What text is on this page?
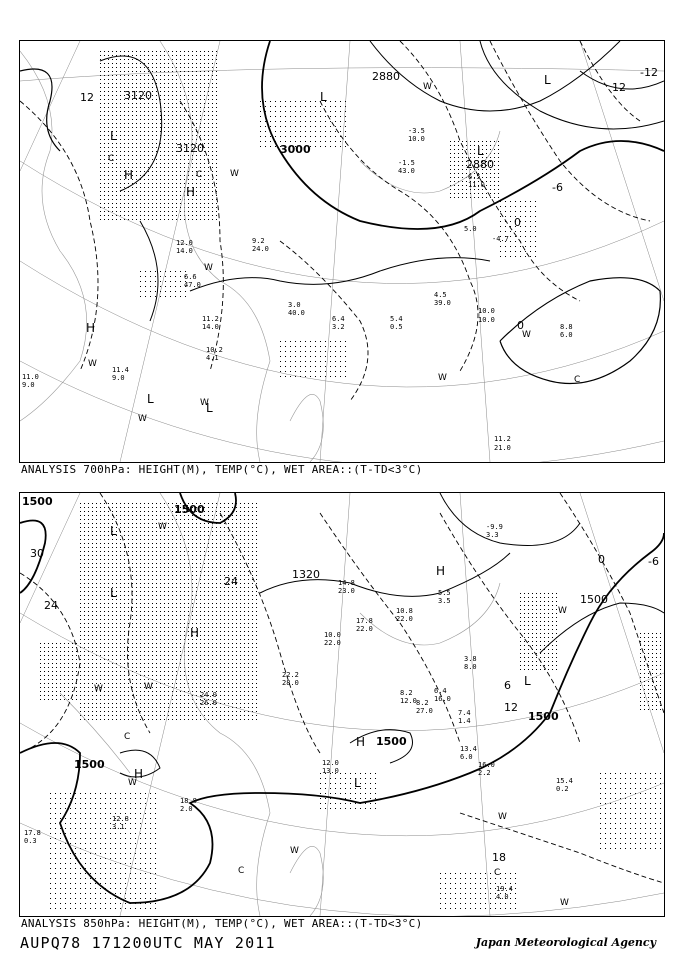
3120
3120	3000
2880
2880
12
-12
12
0
-6
0
L
H
H
L
L
L
H
L
L
W
W
W
W
W
W
W
C
C
C
W
11.2
21.0
10.0
10.0
8.8
6.0
11.4
9.0
11.0
9.0
10.2
4.1
11.2
14.0
12.0
14.0
6.6
47.0
9.2
24.0
3.0
40.0
6.4
3.2
5.4
0.5
4.5
39.0
-3.5
10.0
-1.5
43.0
6.5
11.0
5.0
-4.7
ANALYSIS 700hPa: HEIGHT(M), TEMP(°C), WET AREA::(T-TD<3°C)
1500
1500
1500
1500
1500
1320
1500
30
24
24
0	-6
18
12
6
L
L
H
H
H
H
L
L
W
W
W
W
W
W
C
C	C
W
W
17.8
0.3
12.8
3.1
18.8
2.0
13.4
6.0
16.0
2.2
15.4
0.2
19.4
4.0
10.0
22.0
14.8
23.0
8.2
27.0
6.4
16.0
8.2
12.0
7.4
1.4
24.0
26.0
22.2
28.0
10.8
22.0
3.8
8.0
5.5
3.5
17.8
22.0
12.0
13.0
-9.9
3.3
ANALYSIS 850hPa: HEIGHT(M), TEMP(°C), WET AREA::(T-TD<3°C)
AUPQ78 171200UTC MAY 2011	Japan Meteorological Agency
